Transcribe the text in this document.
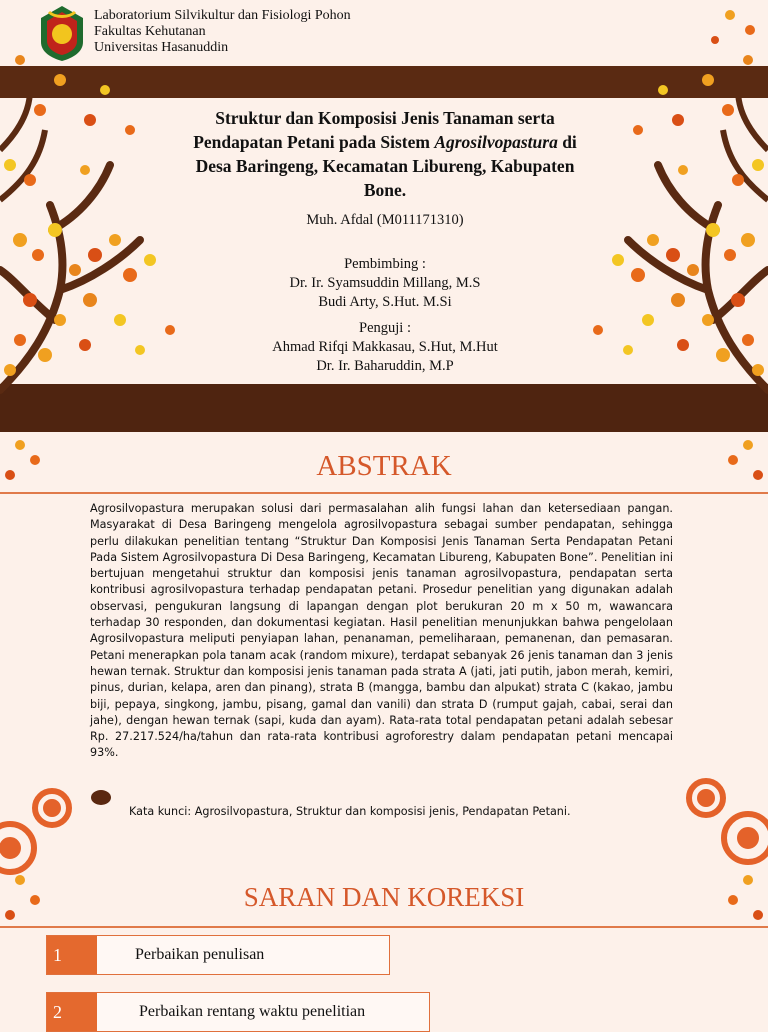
Laboratorium Silvikultur dan Fisiologi Pohon
Fakultas Kehutanan
Universitas Hasanuddin
Struktur dan Komposisi Jenis Tanaman serta
Pendapatan Petani pada Sistem Agrosilvopastura di
Desa Baringeng, Kecamatan Libureng, Kabupaten
Bone.
Muh. Afdal (M011171310)
Pembimbing :
Dr. Ir. Syamsuddin Millang, M.S
Budi Arty, S.Hut. M.Si
Penguji :
Ahmad Rifqi Makkasau, S.Hut, M.Hut
Dr. Ir. Baharuddin, M.P
ABSTRAK
Agrosilvopastura merupakan solusi dari permasalahan alih fungsi lahan dan ketersediaan pangan. Masyarakat di Desa Baringeng mengelola agrosilvopastura sebagai sumber pendapatan, sehingga perlu dilakukan penelitian tentang “Struktur Dan Komposisi Jenis Tanaman Serta Pendapatan Petani Pada Sistem Agrosilvopastura Di Desa Baringeng, Kecamatan Libureng, Kabupaten Bone”. Penelitian ini bertujuan mengetahui struktur dan komposisi jenis tanaman agrosilvopastura, pendapatan serta kontribusi agrosilvopastura terhadap pendapatan petani. Prosedur penelitian yang digunakan adalah observasi, pengukuran langsung di lapangan dengan plot berukuran 20 m x 50 m, wawancara terhadap 30 responden, dan dokumentasi kegiatan. Hasil penelitian menunjukkan bahwa pengelolaan Agrosilvopastura meliputi penyiapan lahan, penanaman, pemeliharaan, pemanenan, dan pemasaran. Petani menerapkan pola tanam acak (random mixure), terdapat sebanyak 26 jenis tanaman dan 3 jenis hewan ternak. Struktur dan komposisi jenis tanaman pada strata A (jati, jati putih, jabon merah, kemiri, pinus, durian, kelapa, aren dan pinang), strata B (mangga, bambu dan alpukat) strata C (kakao, jambu biji, pepaya, singkong, jambu, pisang, gamal dan vanili) dan strata D (rumput gajah, cabai, serai dan jahe), dengan hewan ternak (sapi, kuda dan ayam). Rata-rata total pendapatan petani adalah sebesar Rp. 27.217.524/ha/tahun dan rata-rata kontribusi agroforestry dalam pendapatan petani mencapai 93%.
Kata kunci: Agrosilvopastura, Struktur dan komposisi jenis, Pendapatan Petani.
SARAN DAN KOREKSI
1	Perbaikan penulisan
2	Perbaikan rentang waktu penelitian
